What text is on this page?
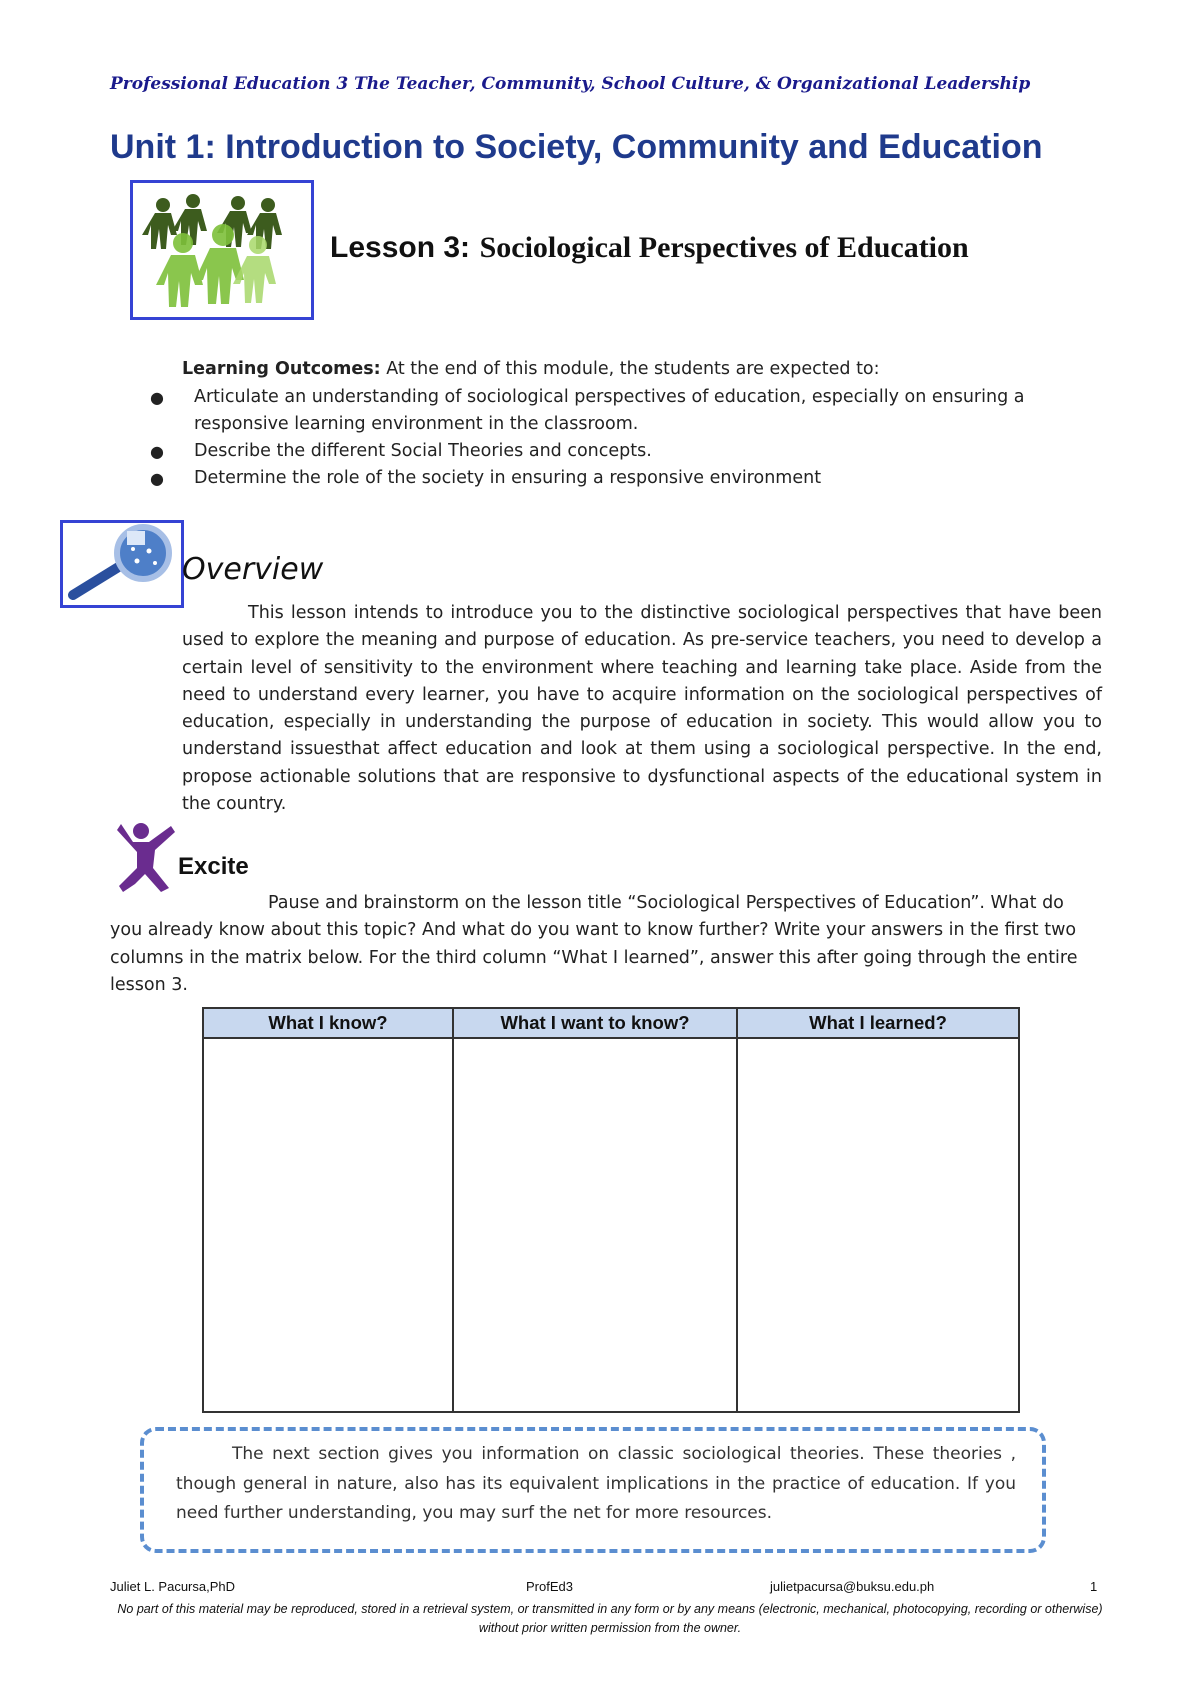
Professional Education 3 The Teacher, Community, School Culture, & Organizational Leadership
Unit 1: Introduction to Society, Community and Education
Lesson 3: Sociological Perspectives of Education
Learning Outcomes: At the end of this module, the students are expected to:
● Articulate an understanding of sociological perspectives of education, especially on ensuring a responsive learning environment in the classroom.
● Describe the different Social Theories and concepts.
● Determine the role of the society in ensuring a responsive environment
Overview
This lesson intends to introduce you to the distinctive sociological perspectives that have been used to explore the meaning and purpose of education. As pre-service teachers, you need to develop a certain level of sensitivity to the environment where teaching and learning take place. Aside from the need to understand every learner, you have to acquire information on the sociological perspectives of education, especially in understanding the purpose of education in society. This would allow you to understand issuesthat affect education and look at them using a sociological perspective. In the end, propose actionable solutions that are responsive to dysfunctional aspects of the educational system in the country.
Excite
Pause and brainstorm on the lesson title “Sociological Perspectives of Education”. What do you already know about this topic? And what do you want to know further? Write your answers in the first two columns in the matrix below. For the third column “What I learned”, answer this after going through the entire lesson 3.
What I know?	What I want to know?	What I learned?

The next section gives you information on classic sociological theories. These theories , though general in nature, also has its equivalent implications in the practice of education. If you need further understanding, you may surf the net for more resources.
Juliet L. Pacursa,PhD	ProfEd3	julietpacursa@buksu.edu.ph	1
No part of this material may be reproduced, stored in a retrieval system, or transmitted in any form or by any means (electronic, mechanical, photocopying, recording or otherwise) without prior written permission from the owner.
